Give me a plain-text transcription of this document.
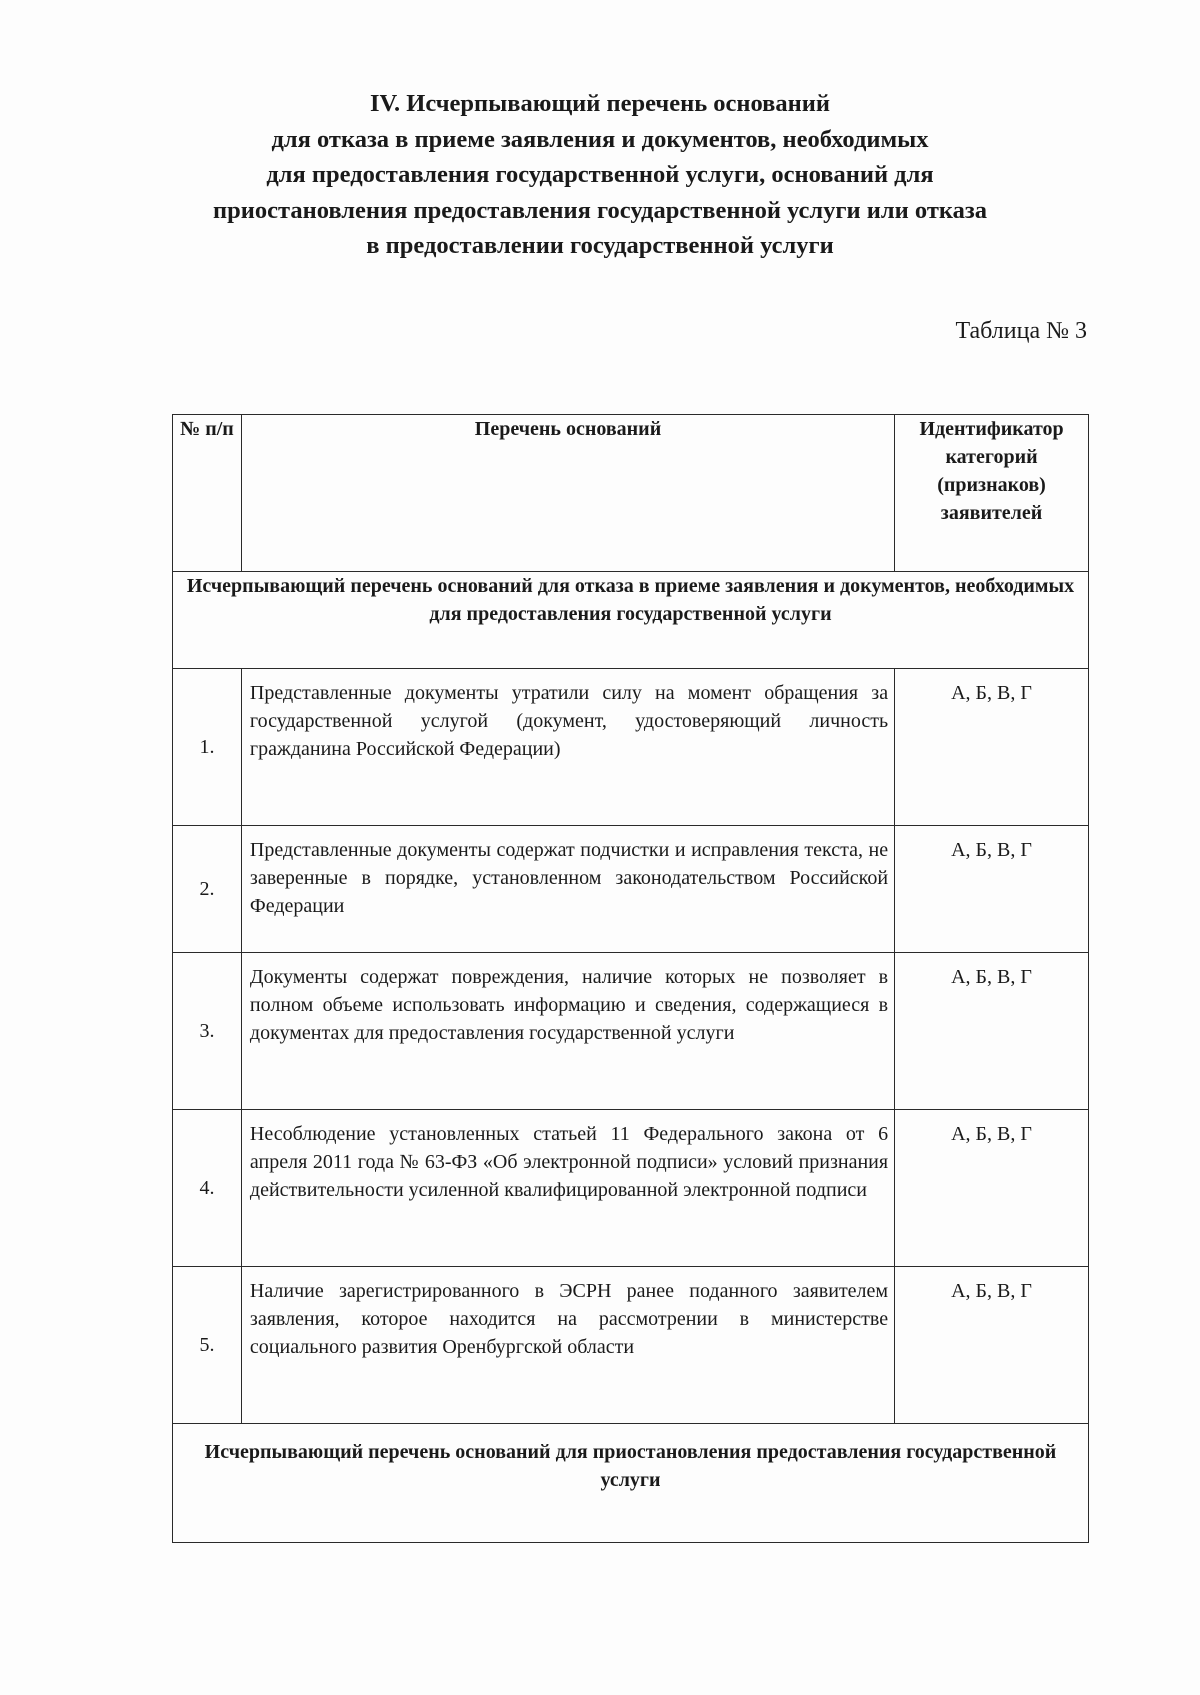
IV. Исчерпывающий перечень оснований
для отказа в приеме заявления и документов, необходимых
для предоставления государственной услуги, оснований для
приостановления предоставления государственной услуги или отказа
в предоставлении государственной услуги
Таблица № 3
№ п/п	Перечень оснований	Идентификатор категорий (признаков) заявителей
Исчерпывающий перечень оснований для отказа в приеме заявления и документов, необходимых для предоставления государственной услуги		
1.	Представленные документы утратили силу на момент обращения за государственной услугой (документ, удостоверяющий личность гражданина Российской Федерации)	А, Б, В, Г
2.	Представленные документы содержат подчистки и исправления текста, не заверенные в порядке, установленном законодательством Российской Федерации	А, Б, В, Г
3.	Документы содержат повреждения, наличие которых не позволяет в полном объеме использовать информацию и сведения, содержащиеся в документах для предоставления государственной услуги	А, Б, В, Г
4.	Несоблюдение установленных статьей 11 Федерального закона от 6 апреля 2011 года № 63-ФЗ «Об электронной подписи» условий признания действительности усиленной квалифицированной электронной подписи	А, Б, В, Г
5.	Наличие зарегистрированного в ЭСРН ранее поданного заявителем заявления, которое находится на рассмотрении в министерстве социального развития Оренбургской области	А, Б, В, Г
Исчерпывающий перечень оснований для приостановления предоставления государственной услуги		
